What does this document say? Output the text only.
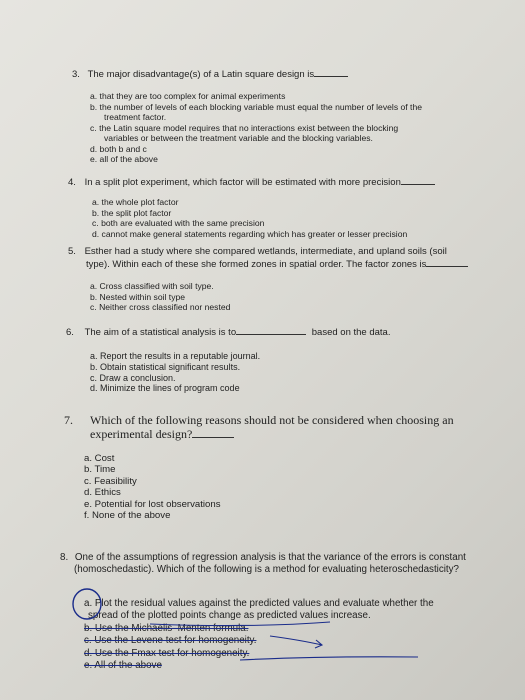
3. The major disadvantage(s) of a Latin square design is
a. that they are too complex for animal experiments
b. the number of levels of each blocking variable must equal the number of levels of the
treatment factor.
c. the Latin square model requires that no interactions exist between the blocking
variables or between the treatment variable and the blocking variables.
d. both b and c
e. all of the above
4. In a split plot experiment, which factor will be estimated with more precision
a. the whole plot factor
b. the split plot factor
c. both are evaluated with the same precision
d. cannot make general statements regarding which has greater or lesser precision
5. Esther had a study where she compared wetlands, intermediate, and upland soils (soil
type). Within each of these she formed zones in spatial order. The factor zones is
a. Cross classified with soil type.
b. Nested within soil type
c. Neither cross classified nor nested
6. The aim of a statistical analysis is to	based on the data.
a. Report the results in a reputable journal.
b. Obtain statistical significant results.
c. Draw a conclusion.
d. Minimize the lines of program code
7. Which of the following reasons should not be considered when choosing an
experimental design?
a. Cost
b. Time
c. Feasibility
d. Ethics
e. Potential for lost observations
f. None of the above
8. One of the assumptions of regression analysis is that the variance of the errors is constant
(homoschedastic). Which of the following is a method for evaluating heteroschedasticity?
a. Plot the residual values against the predicted values and evaluate whether the
spread of the plotted points change as predicted values increase.
b. Use the Michaelis–Menten formula.
c. Use the Levene test for homogeneity.
d. Use the Fmax test for homogeneity.
e. All of the above
